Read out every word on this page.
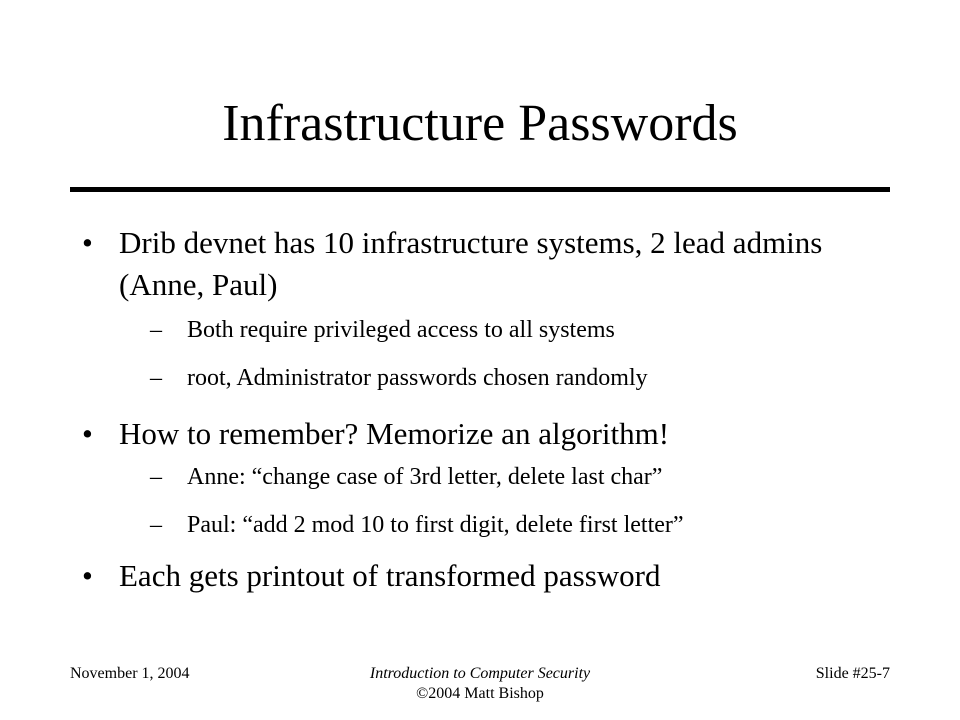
Infrastructure Passwords
• Drib devnet has 10 infrastructure systems, 2 lead admins (Anne, Paul)
–	Both require privileged access to all systems
–	root, Administrator passwords chosen randomly
• How to remember? Memorize an algorithm!
–	Anne: “change case of 3rd letter, delete last char”
–	Paul: “add 2 mod 10 to first digit, delete first letter”
• Each gets printout of transformed password
November 1, 2004	Introduction to Computer Security
©2004 Matt Bishop
Slide #25-7
